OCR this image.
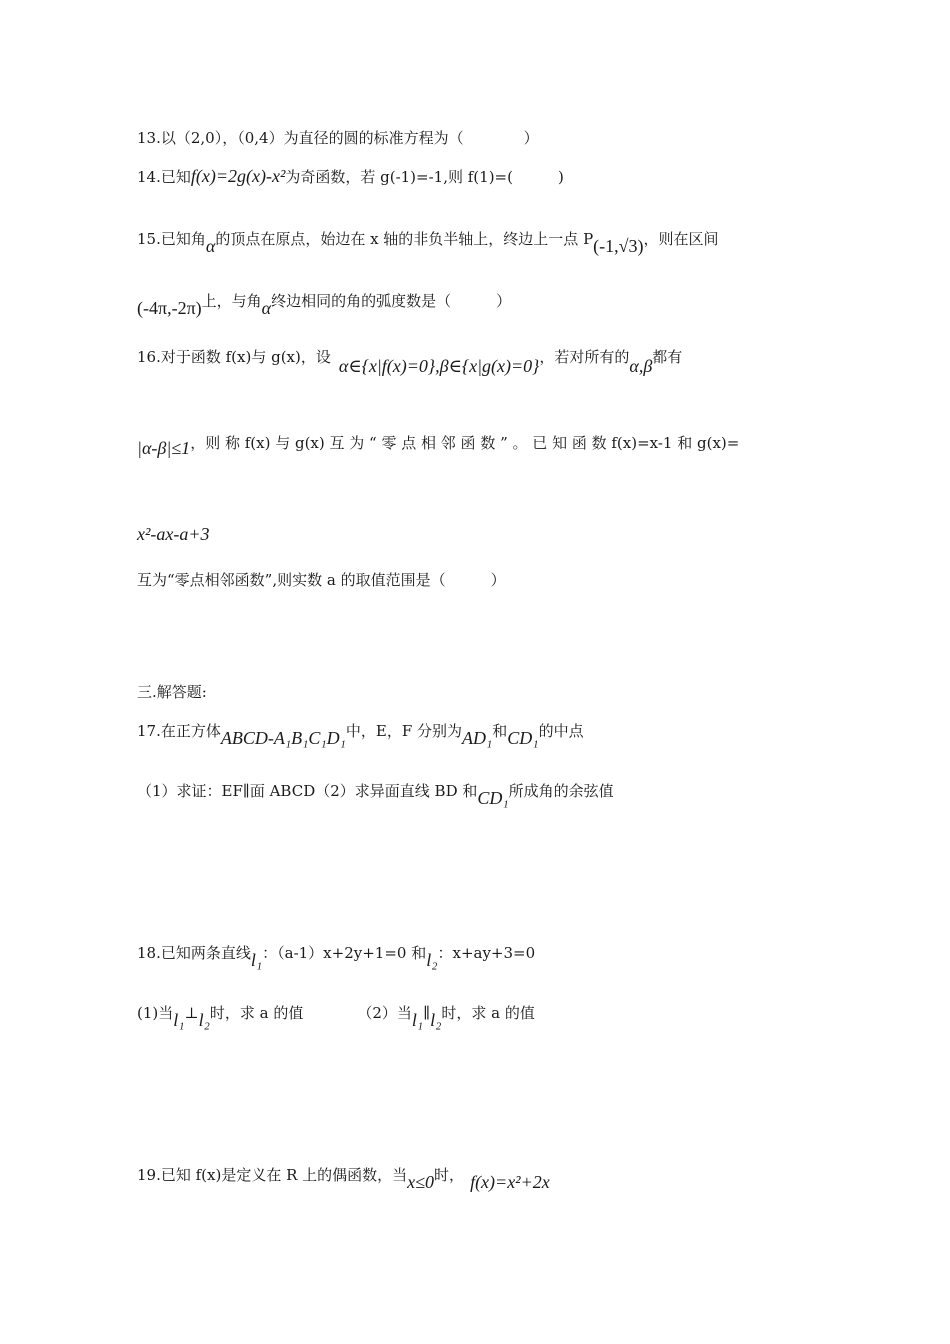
13.以（2,0），（0,4）为直径的圆的标准方程为（　　　　）
14.已知f(x)=2g(x)-x²为奇函数，若 g(-1)=-1,则 f(1)=(　　　)
15.已知角α的顶点在原点，始边在 x 轴的非负半轴上，终边上一点 P(-1,√3)，则在区间
(-4π,-2π)上，与角α终边相同的角的弧度数是（　　　）
16.对于函数 f(x)与 g(x)，设 α∈{x|f(x)=0},β∈{x|g(x)=0}，若对所有的α,β都有
|α-β|≤1，则 称 f(x) 与 g(x) 互 为 “ 零 点 相 邻 函 数 ” 。 已 知 函 数 f(x)=x-1 和 g(x)=
x²-ax-a+3
互为“零点相邻函数”,则实数 a 的取值范围是（　　　）
三.解答题:
17.在正方体ABCD-A₁B₁C₁D₁中，E，F 分别为AD₁和CD₁的中点
（1）求证：EF∥面 ABCD（2）求异面直线 BD 和CD₁所成角的余弦值
18.已知两条直线l₁：（a-1）x+2y+1=0 和l₂：x+ay+3=0
(1)当l₁⊥l₂时，求 a 的值	（2）当l₁∥l₂时，求 a 的值
19.已知 f(x)是定义在 R 上的偶函数，当x≤0时， f(x)=x²+2x
